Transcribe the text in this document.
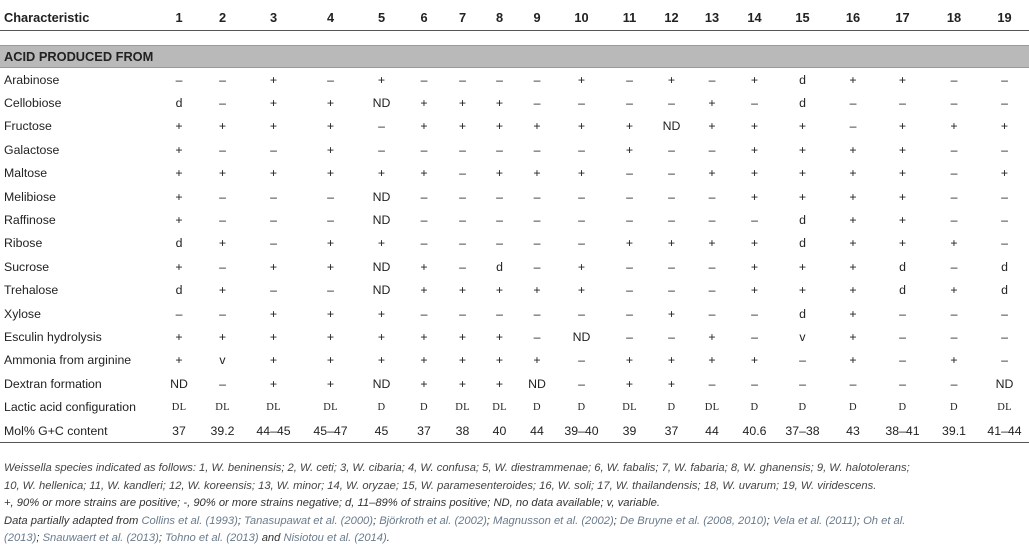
Characteristic	1	2	3	4	5	6	7	8	9	10	11	12	13	14	15	16	17	18	19

ACID PRODUCED FROM																			
Arabinose	–	–	+	–	+	–	–	–	–	+	–	+	–	+	d	+	+	–	–
Cellobiose	d	–	+	+	ND	+	+	+	–	–	–	–	+	–	d	–	–	–	–
Fructose	+	+	+	+	–	+	+	+	+	+	+	ND	+	+	+	–	+	+	+
Galactose	+	–	–	+	–	–	–	–	–	–	+	–	–	+	+	+	+	–	–
Maltose	+	+	+	+	+	+	–	+	+	+	–	–	+	+	+	+	+	–	+
Melibiose	+	–	–	–	ND	–	–	–	–	–	–	–	–	+	+	+	+	–	–
Raffinose	+	–	–	–	ND	–	–	–	–	–	–	–	–	–	d	+	+	–	–
Ribose	d	+	–	+	+	–	–	–	–	–	+	+	+	+	d	+	+	+	–
Sucrose	+	–	+	+	ND	+	–	d	–	+	–	–	–	+	+	+	d	–	d
Trehalose	d	+	–	–	ND	+	+	+	+	+	–	–	–	+	+	+	d	+	d
Xylose	–	–	+	+	+	–	–	–	–	–	–	+	–	–	d	+	–	–	–
Esculin hydrolysis	+	+	+	+	+	+	+	+	–	ND	–	–	+	–	v	+	–	–	–
Ammonia from arginine	+	v	+	+	+	+	+	+	+	–	+	+	+	+	–	+	–	+	–
Dextran formation	ND	–	+	+	ND	+	+	+	ND	–	+	+	–	–	–	–	–	–	ND
Lactic acid configuration	DL	DL	DL	DL	D	D	DL	DL	D	D	DL	D	DL	D	D	D	D	D	DL
Mol% G+C content	37	39.2	44–45	45–47	45	37	38	40	44	39–40	39	37	44	40.6	37–38	43	38–41	39.1	41–44
Weissella species indicated as follows: 1, W. beninensis; 2, W. ceti; 3, W. cibaria; 4, W. confusa; 5, W. diestrammenae; 6, W. fabalis; 7, W. fabaria; 8, W. ghanensis; 9, W. halotolerans;
10, W. hellenica; 11, W. kandleri; 12, W. koreensis; 13, W. minor; 14, W. oryzae; 15, W. paramesenteroides; 16, W. soli; 17, W. thailandensis; 18, W. uvarum; 19, W. viridescens.
+, 90% or more strains are positive; -, 90% or more strains negative; d, 11–89% of strains positive; ND, no data available; v, variable.
Data partially adapted from Collins et al. (1993); Tanasupawat et al. (2000); Björkroth et al. (2002); Magnusson et al. (2002); De Bruyne et al. (2008, 2010); Vela et al. (2011); Oh et al.
(2013); Snauwaert et al. (2013); Tohno et al. (2013) and Nisiotou et al. (2014).
